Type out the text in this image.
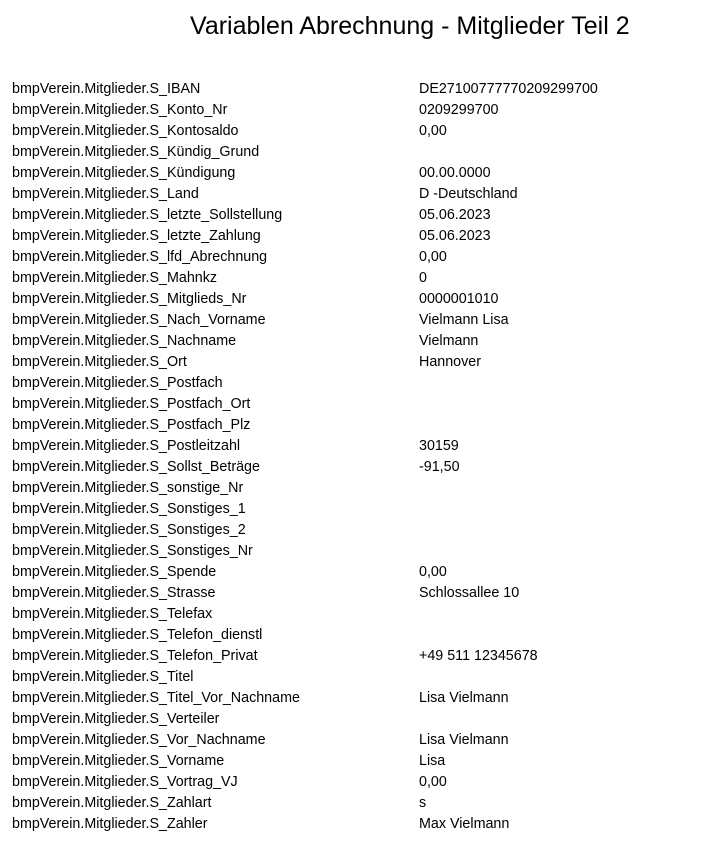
Variablen Abrechnung - Mitglieder Teil 2
bmpVerein.Mitglieder.S_IBAN	DE27100777770209299700
bmpVerein.Mitglieder.S_Konto_Nr	0209299700
bmpVerein.Mitglieder.S_Kontosaldo	0,00
bmpVerein.Mitglieder.S_Kündig_Grund
bmpVerein.Mitglieder.S_Kündigung	00.00.0000
bmpVerein.Mitglieder.S_Land	D -Deutschland
bmpVerein.Mitglieder.S_letzte_Sollstellung	05.06.2023
bmpVerein.Mitglieder.S_letzte_Zahlung	05.06.2023
bmpVerein.Mitglieder.S_lfd_Abrechnung	0,00
bmpVerein.Mitglieder.S_Mahnkz	0
bmpVerein.Mitglieder.S_Mitglieds_Nr	0000001010
bmpVerein.Mitglieder.S_Nach_Vorname	Vielmann Lisa
bmpVerein.Mitglieder.S_Nachname	Vielmann
bmpVerein.Mitglieder.S_Ort	Hannover
bmpVerein.Mitglieder.S_Postfach
bmpVerein.Mitglieder.S_Postfach_Ort
bmpVerein.Mitglieder.S_Postfach_Plz
bmpVerein.Mitglieder.S_Postleitzahl	30159
bmpVerein.Mitglieder.S_Sollst_Beträge	-91,50
bmpVerein.Mitglieder.S_sonstige_Nr
bmpVerein.Mitglieder.S_Sonstiges_1
bmpVerein.Mitglieder.S_Sonstiges_2
bmpVerein.Mitglieder.S_Sonstiges_Nr
bmpVerein.Mitglieder.S_Spende	0,00
bmpVerein.Mitglieder.S_Strasse	Schlossallee 10
bmpVerein.Mitglieder.S_Telefax
bmpVerein.Mitglieder.S_Telefon_dienstl
bmpVerein.Mitglieder.S_Telefon_Privat	+49 511 12345678
bmpVerein.Mitglieder.S_Titel
bmpVerein.Mitglieder.S_Titel_Vor_Nachname	Lisa Vielmann
bmpVerein.Mitglieder.S_Verteiler
bmpVerein.Mitglieder.S_Vor_Nachname	Lisa Vielmann
bmpVerein.Mitglieder.S_Vorname	Lisa
bmpVerein.Mitglieder.S_Vortrag_VJ	0,00
bmpVerein.Mitglieder.S_Zahlart	s
bmpVerein.Mitglieder.S_Zahler	Max Vielmann
